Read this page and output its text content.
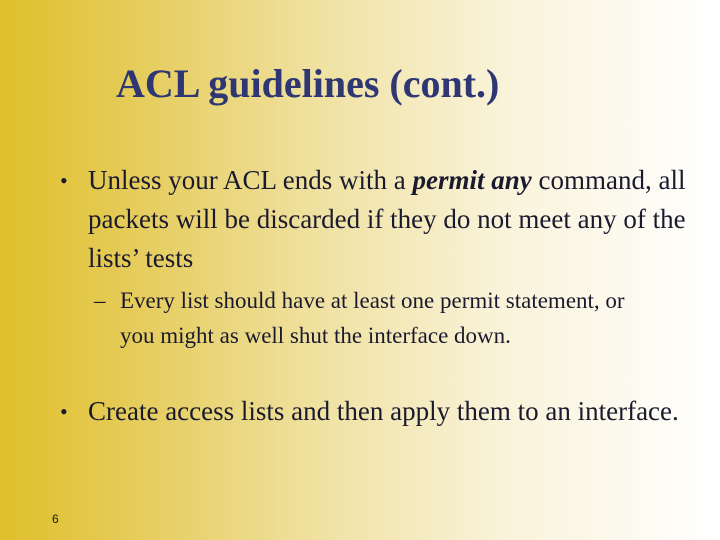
ACL guidelines (cont.)

• Unless your ACL ends with a permit any command, all packets will be discarded if they do not meet any of the lists’ tests

– Every list should have at least one permit statement, or you might as well shut the interface down.

• Create access lists and then apply them to an interface.

6
